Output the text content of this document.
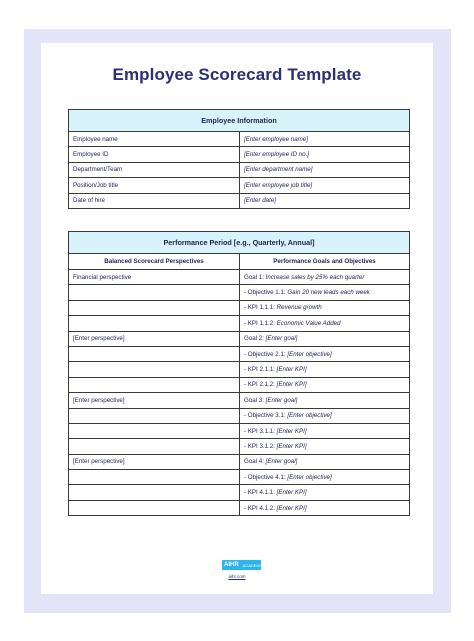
Employee Scorecard Template
Employee Information	
Employee name	[Enter employee name]
Employee ID	[Enter employee ID no.]
Department/Team	[Enter department name]
Position/Job title	[Enter employee job title]
Date of hire	[Enter date]
Performance Period [e.g., Quarterly, Annual]	
Balanced Scorecard Perspectives	Performance Goals and Objectives
Financial perspective	Goal 1: Increase sales by 25% each quarter
	- Objective 1.1: Gain 20 new leads each week
	- KPI 1.1.1: Revenue growth
	- KPI 1.1.2: Economic Value Added
[Enter perspective]	Goal 2: [Enter goal]
	- Objective 2.1: [Enter objective]
	- KPI 2.1.1: [Enter KPI]
	- KPI 2.1.2: [Enter KPI]
[Enter perspective]	Goal 3: [Enter goal]
	- Objective 3.1: [Enter objective]
	- KPI 3.1.1: [Enter KPI]
	- KPI 3.1.2: [Enter KPI]
[Enter perspective]	Goal 4: [Enter goal]
	- Objective 4.1: [Enter objective]
	- KPI 4.1.1: [Enter KPI]
	- KPI 4.1.2: [Enter KPI]
AIHR ACADEMY
aihr.com
